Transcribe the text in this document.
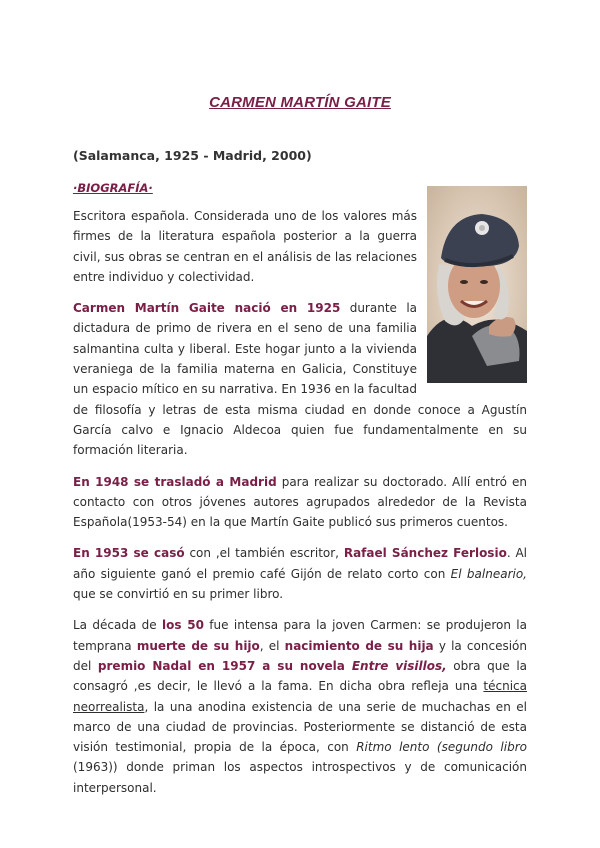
CARMEN MARTÍN GAITE
(Salamanca, 1925 - Madrid, 2000)
·BIOGRAFÍA·

Escritora española. Considerada uno de los valores más firmes de la literatura española posterior a la guerra civil, sus obras se centran en el análisis de las relaciones entre individuo y colectividad.

Carmen Martín Gaite nació en 1925 durante la dictadura de primo de rivera en el seno de una familia salmantina culta y liberal. Este hogar junto a la vivienda veraniega de la familia materna en Galicia, Constituye un espacio mítico en su narrativa. En 1936 en la facultad de filosofía y letras de esta misma ciudad en donde conoce a Agustín García calvo e Ignacio Aldecoa quien fue fundamentalmente en su formación literaria.

En 1948 se trasladó a Madrid para realizar su doctorado. Allí entró en contacto con otros jóvenes autores agrupados alrededor de la Revista Española(1953-54) en la que Martín Gaite publicó sus primeros cuentos.

En 1953 se casó con ,el también escritor, Rafael Sánchez Ferlosio. Al año siguiente ganó el premio café Gijón de relato corto con El balneario, que se convirtió en su primer libro.

La década de los 50 fue intensa para la joven Carmen: se produjeron la temprana muerte de su hijo, el nacimiento de su hija y la concesión del premio Nadal en 1957 a su novela Entre visillos, obra que la consagró ,es decir, le llevó a la fama. En dicha obra refleja una técnica neorrealista, la una anodina existencia de una serie de muchachas en el marco de una ciudad de provincias. Posteriormente se distanció de esta visión testimonial, propia de la época, con Ritmo lento (segundo libro (1963)) donde priman los aspectos introspectivos y de comunicación interpersonal.
